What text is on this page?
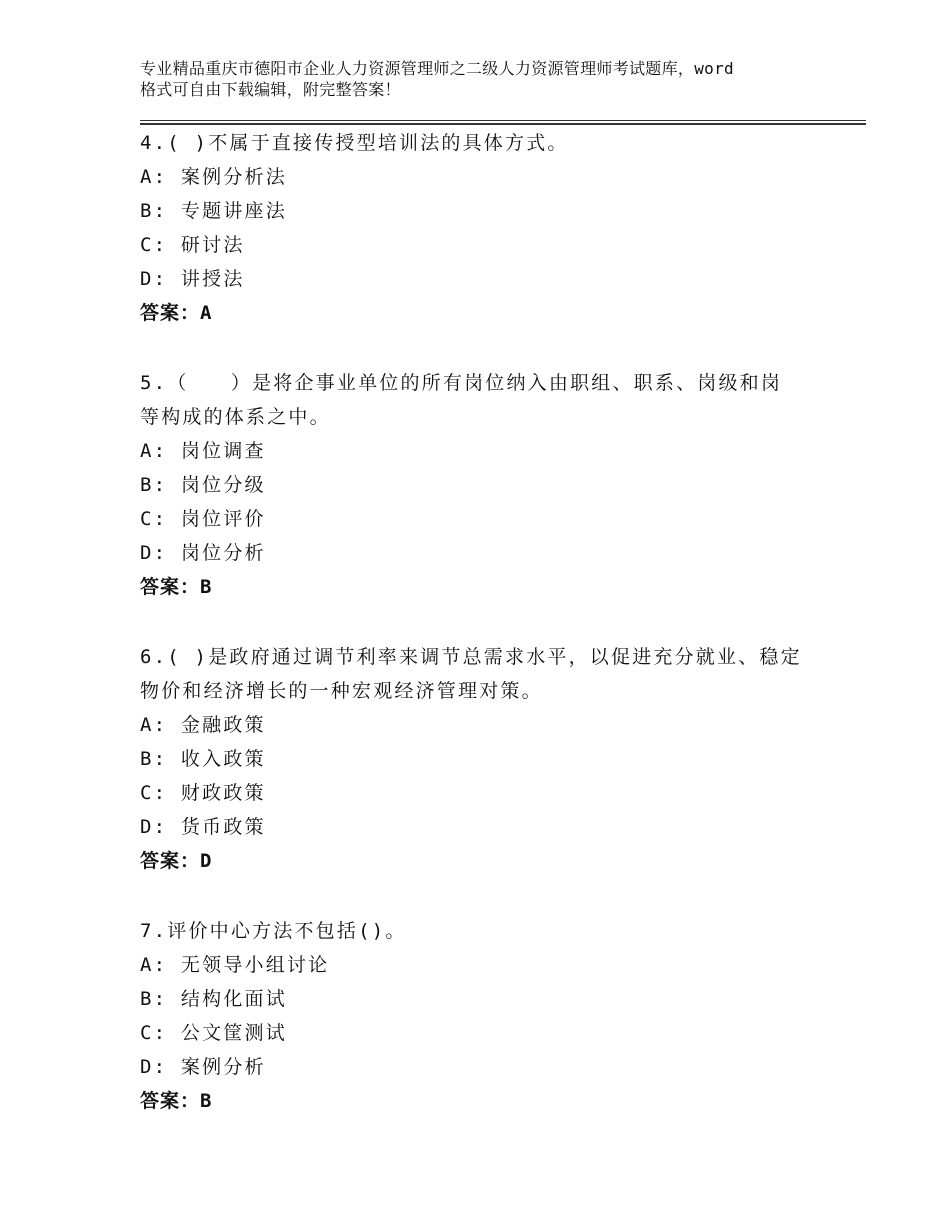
专业精品重庆市德阳市企业人力资源管理师之二级人力资源管理师考试题库，word
格式可自由下载编辑，附完整答案！
4.( )不属于直接传授型培训法的具体方式。
A: 案例分析法
B: 专题讲座法
C: 研讨法
D: 讲授法
答案：A
5.（　　）是将企事业单位的所有岗位纳入由职组、职系、岗级和岗
等构成的体系之中。
A: 岗位调查
B: 岗位分级
C: 岗位评价
D: 岗位分析
答案：B
6.( )是政府通过调节利率来调节总需求水平，以促进充分就业、稳定
物价和经济增长的一种宏观经济管理对策。
A: 金融政策
B: 收入政策
C: 财政政策
D: 货币政策
答案：D
7.评价中心方法不包括()。
A: 无领导小组讨论
B: 结构化面试
C: 公文筐测试
D: 案例分析
答案：B
